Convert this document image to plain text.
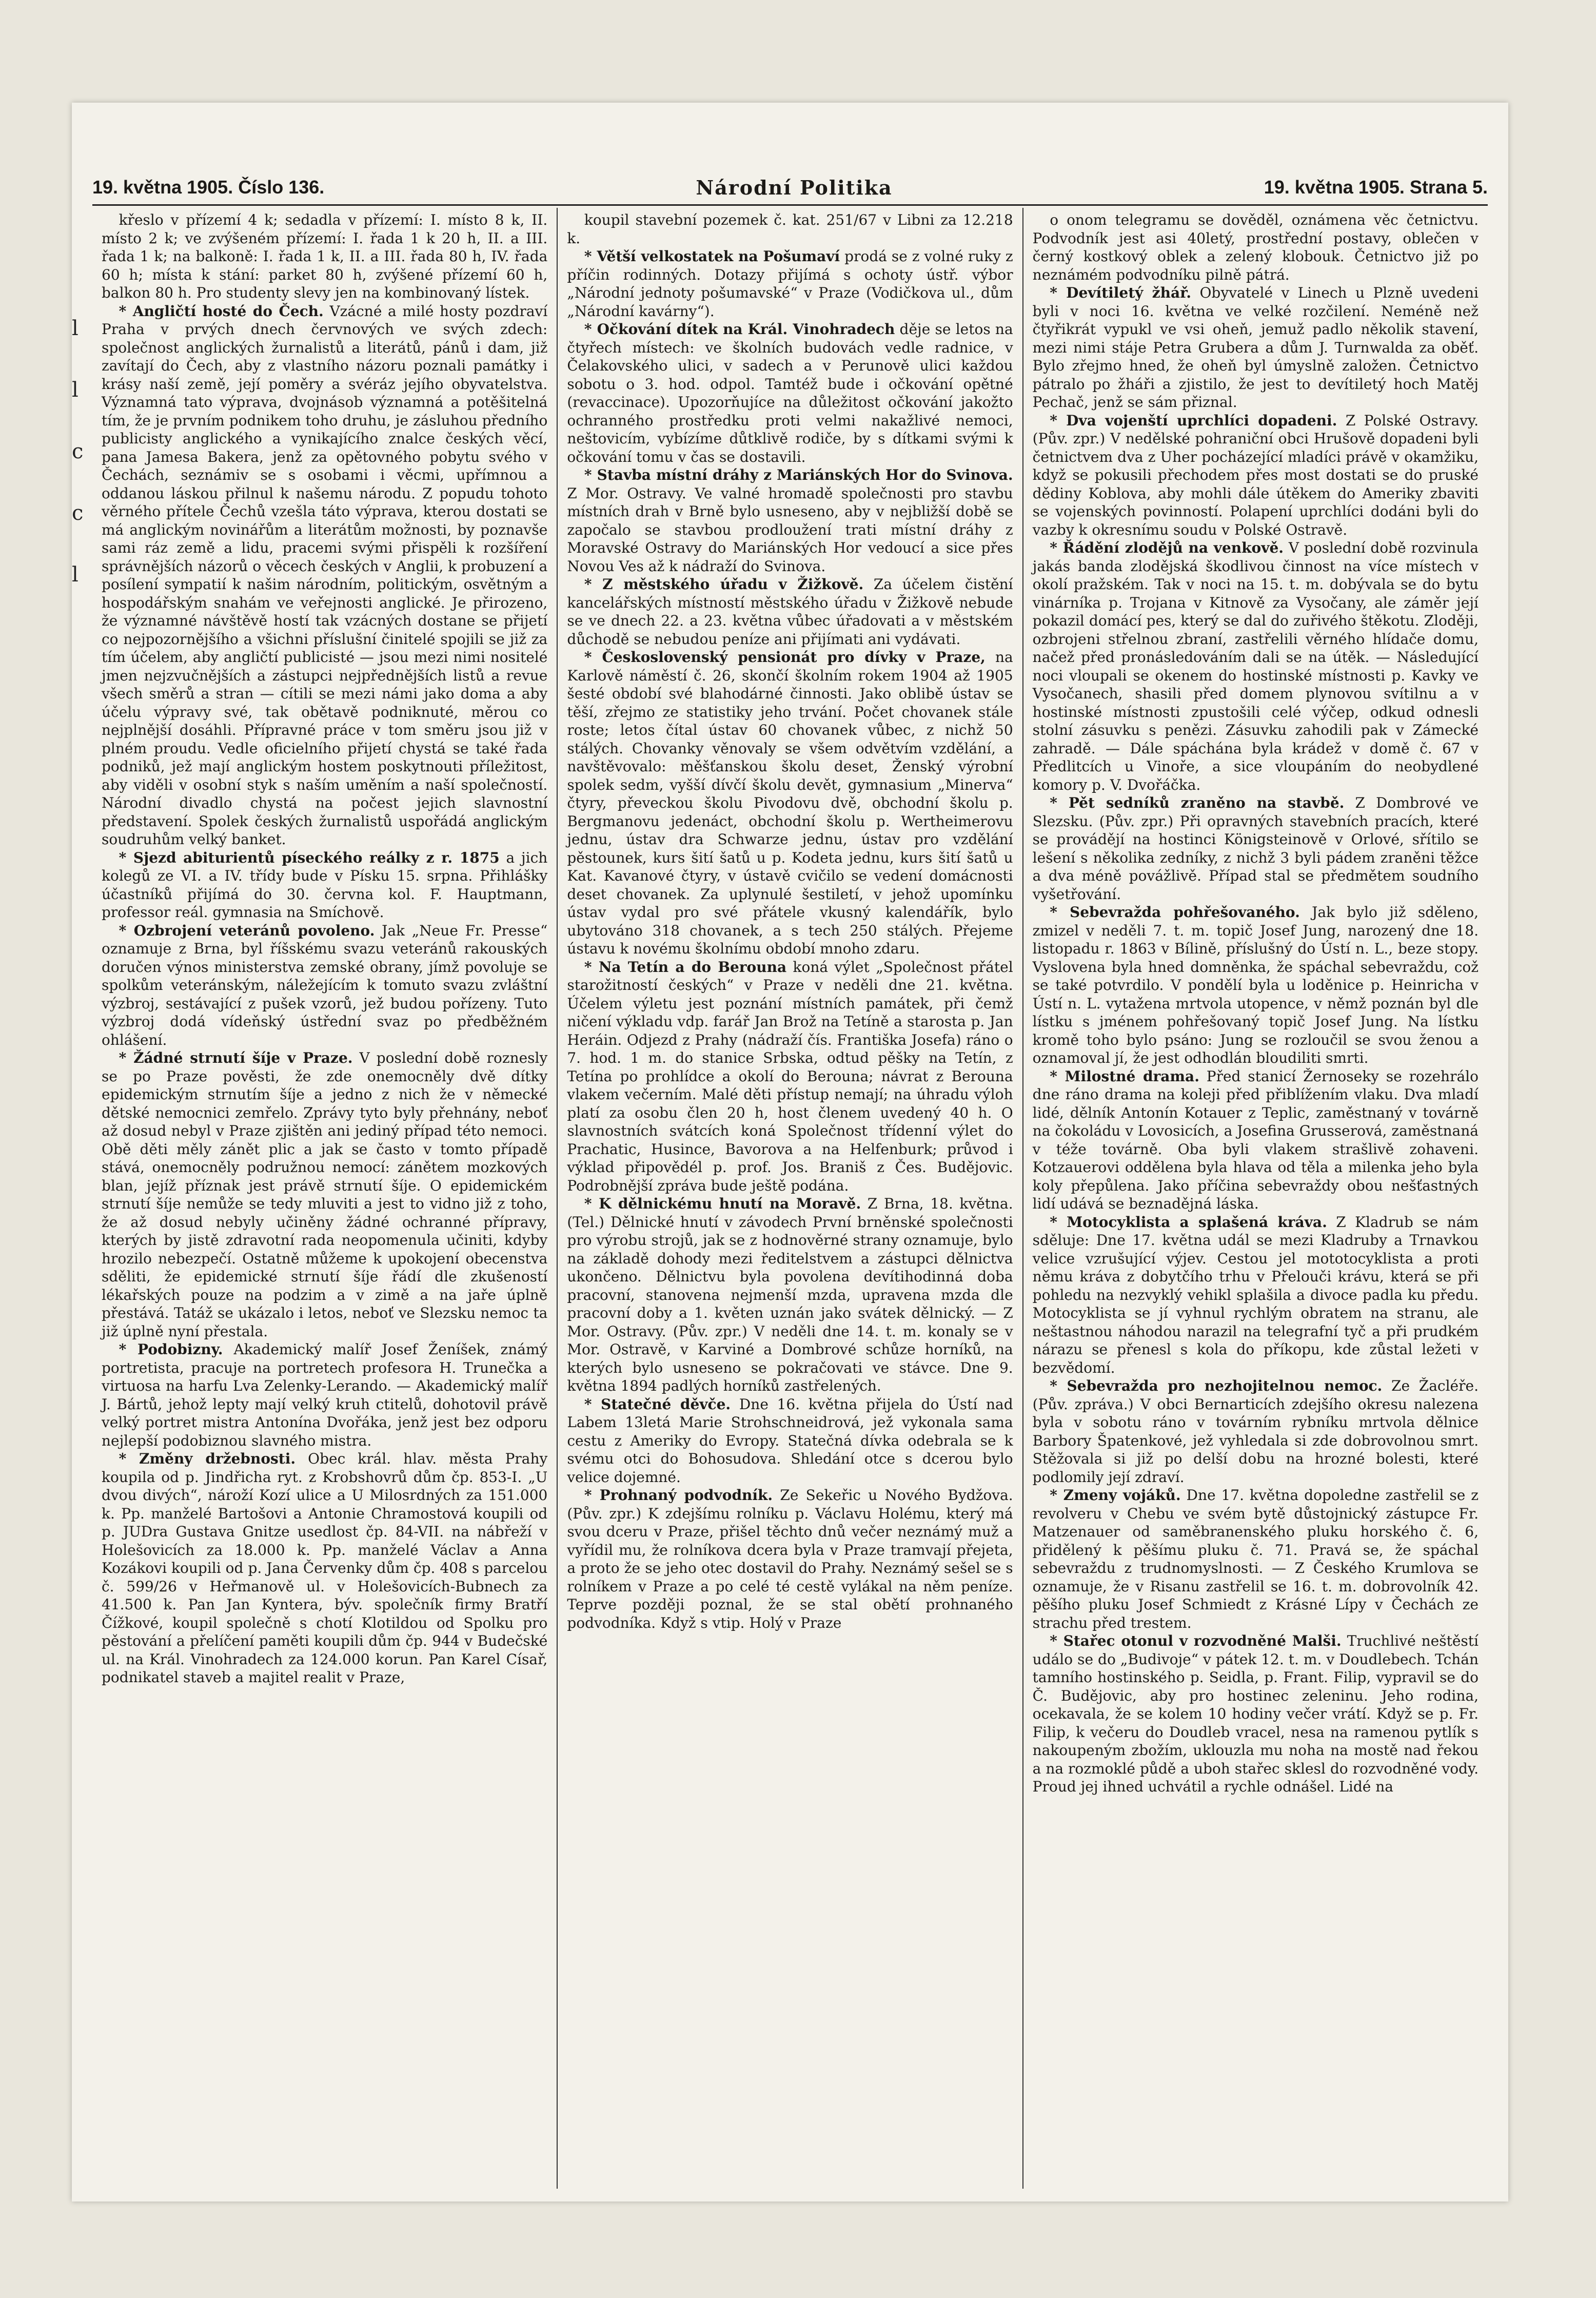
l
l
c
c
l
19. května 1905. Číslo 136.	Národní Politika	19. května 1905. Strana 5.

křeslo v přízemí 4 k; sedadla v přízemí: I. místo 8 k, II. místo 2 k; ve zvýšeném přízemí: I. řada 1 k 20 h, II. a III. řada 1 k; na balkoně: I. řada 1 k, II. a III. řada 80 h, IV. řada 60 h; místa k stání: parket 80 h, zvýšené přízemí 60 h, balkon 80 h. Pro studenty slevy jen na kombinovaný lístek.

* Angličtí hosté do Čech. Vzácné a milé hosty pozdraví Praha v prvých dnech červnových ve svých zdech: společnost anglických žurnalistů a literátů, pánů i dam, již zavítají do Čech, aby z vlastního názoru poznali památky i krásy naší země, její poměry a svéráz jejího obyvatelstva. Významná tato výprava, dvojnásob významná a potěšitelná tím, že je prvním podnikem toho druhu, je zásluhou předního publicisty anglického a vynikajícího znalce českých věcí, pana Jamesa Bakera, jenž za opětovného pobytu svého v Čechách, seznámiv se s osobami i věcmi, upřímnou a oddanou láskou přilnul k našemu národu. Z popudu tohoto věrného přítele Čechů vzešla táto výprava, kterou dostati se má anglickým novinářům a literátům možnosti, by poznavše sami ráz země a lidu, pracemi svými přispěli k rozšíření správnějších názorů o věcech českých v Anglii, k probuzení a posílení sympatií k našim národním, politickým, osvětným a hospodářským snahám ve veřejnosti anglické. Je přirozeno, že významné návštěvě hostí tak vzácných dostane se přijetí co nejpozornějšího a všichni příslušní činitelé spojili se již za tím účelem, aby angličtí publicisté — jsou mezi nimi nositelé jmen nejzvučnějších a zástupci nejpřednějších listů a revue všech směrů a stran — cítili se mezi námi jako doma a aby účelu výpravy své, tak obětavě podniknuté, měrou co nejplnější dosáhli. Přípravné práce v tom směru jsou již v plném proudu. Vedle oficielního přijetí chystá se také řada podniků, jež mají anglickým hostem poskytnouti příležitost, aby viděli v osobní styk s naším uměním a naší společností. Národní divadlo chystá na počest jejich slavnostní představení. Spolek českých žurnalistů uspořádá anglickým soudruhům velký banket.

* Sjezd abiturientů píseckého reálky z r. 1875 a jich kolegů ze VI. a IV. třídy bude v Písku 15. srpna. Přihlášky účastníků přijímá do 30. června kol. F. Hauptmann, professor reál. gymnasia na Smíchově.

* Ozbrojení veteránů povoleno. Jak „Neue Fr. Presse“ oznamuje z Brna, byl říšskému svazu veteránů rakouských doručen výnos ministerstva zemské obrany, jímž povoluje se spolkům veteránským, náležejícím k tomuto svazu zvláštní výzbroj, sestávající z pušek vzorů, jež budou pořízeny. Tuto výzbroj dodá vídeňský ústřední svaz po předběžném ohlášení.

* Žádné strnutí šíje v Praze. V poslední době roznesly se po Praze pověsti, že zde onemocněly dvě dítky epidemickým strnutím šíje a jedno z nich že v německé dětské nemocnici zemřelo. Zprávy tyto byly přehnány, neboť až dosud nebyl v Praze zjištěn ani jediný případ této nemoci. Obě děti měly zánět plic a jak se často v tomto případě stává, onemocněly podružnou nemocí: zánětem mozkových blan, jejíž příznak jest právě strnutí šíje. O epidemickém strnutí šíje nemůže se tedy mluviti a jest to vidno již z toho, že až dosud nebyly učiněny žádné ochranné přípravy, kterých by jistě zdravotní rada neopomenula učiniti, kdyby hrozilo nebezpečí. Ostatně můžeme k upokojení obecenstva sděliti, že epidemické strnutí šíje řádí dle zkušeností lékařských pouze na podzim a v zimě a na jaře úplně přestává. Tatáž se ukázalo i letos, neboť ve Slezsku nemoc ta již úplně nyní přestala.

* Podobizny. Akademický malíř Josef Ženíšek, známý portretista, pracuje na portretech profesora H. Trunečka a virtuosa na harfu Lva Zelenky-Lerando. — Akademický malíř J. Bártů, jehož lepty mají velký kruh ctitelů, dohotovil právě velký portret mistra Antonína Dvořáka, jenž jest bez odporu nejlepší podobiznou slavného mistra.

* Změny držebnosti. Obec král. hlav. města Prahy koupila od p. Jindřicha ryt. z Krobshovrů dům čp. 853-I. „U dvou divých“, nároží Kozí ulice a U Milosrdných za 151.000 k. Pp. manželé Bartošovi a Antonie Chramostová koupili od p. JUDra Gustava Gnitze usedlost čp. 84-VII. na nábřeží v Holešovicích za 18.000 k. Pp. manželé Václav a Anna Kozákovi koupili od p. Jana Červenky dům čp. 408 s parcelou č. 599/26 v Heřmanově ul. v Holešovicích-Bubnech za 41.500 k. Pan Jan Kyntera, býv. společník firmy Bratří Čížkové, koupil společně s chotí Klotildou od Spolku pro pěstování a přelíčení paměti koupili dům čp. 944 v Budečské ul. na Král. Vinohradech za 124.000 korun. Pan Karel Císař, podnikatel staveb a majitel realit v Praze,

koupil stavební pozemek č. kat. 251/67 v Libni za 12.218 k.

* Větší velkostatek na Pošumaví prodá se z volné ruky z příčin rodinných. Dotazy přijímá s ochoty ústř. výbor „Národní jednoty pošumavské“ v Praze (Vodičkova ul., dům „Národní kavárny“).

* Očkování dítek na Král. Vinohradech děje se letos na čtyřech místech: ve školních budovách vedle radnice, v Čelakovského ulici, v sadech a v Perunově ulici každou sobotu o 3. hod. odpol. Tamtéž bude i očkování opětné (revaccinace). Upozorňujíce na důležitost očkování jakožto ochranného prostředku proti velmi nakažlivé nemoci, neštovicím, vybízíme důtklivě rodiče, by s dítkami svými k očkování tomu v čas se dostavili.

* Stavba místní dráhy z Mariánských Hor do Svinova. Z Mor. Ostravy. Ve valné hromadě společnosti pro stavbu místních drah v Brně bylo usneseno, aby v nejbližší době se započalo se stavbou prodloužení trati místní dráhy z Moravské Ostravy do Mariánských Hor vedoucí a sice přes Novou Ves až k nádraží do Svinova.

* Z městského úřadu v Žižkově. Za účelem čistění kancelářských místností městského úřadu v Žižkově nebude se ve dnech 22. a 23. května vůbec úřadovati a v městském důchodě se nebudou peníze ani přijímati ani vydávati.

* Československý pensionát pro dívky v Praze, na Karlově náměstí č. 26, skončí školním rokem 1904 až 1905 šesté období své blahodárné činnosti. Jako oblibě ústav se těší, zřejmo ze statistiky jeho trvání. Počet chovanek stále roste; letos čítal ústav 60 chovanek vůbec, z nichž 50 stálých. Chovanky věnovaly se všem odvětvím vzdělání, a navštěvovalo: měšťanskou školu deset, Ženský výrobní spolek sedm, vyšší dívčí školu devět, gymnasium „Minerva“ čtyry, převeckou školu Pivodovu dvě, obchodní školu p. Bergmanovu jedenáct, obchodní školu p. Wertheimerovu jednu, ústav dra Schwarze jednu, ústav pro vzdělání pěstounek, kurs šití šatů u p. Kodeta jednu, kurs šití šatů u Kat. Kavanové čtyry, v ústavě cvičilo se vedení domácnosti deset chovanek. Za uplynulé šestiletí, v jehož upomínku ústav vydal pro své přátele vkusný kalendářík, bylo ubytováno 318 chovanek, a s tech 250 stálých. Přejeme ústavu k novému školnímu období mnoho zdaru.

* Na Tetín a do Berouna koná výlet „Společnost přátel starožitností českých“ v Praze v neděli dne 21. května. Účelem výletu jest poznání místních památek, při čemž ničení výkladu vdp. farář Jan Brož na Tetíně a starosta p. Jan Heráin. Odjezd z Prahy (nádraží čís. Františka Josefa) ráno o 7. hod. 1 m. do stanice Srbska, odtud pěšky na Tetín, z Tetína po prohlídce a okolí do Berouna; návrat z Berouna vlakem večerním. Malé děti přístup nemají; na úhradu výloh platí za osobu člen 20 h, host členem uvedený 40 h. O slavnostních svátcích koná Společnost třídenní výlet do Prachatic, Husince, Bavorova a na Helfenburk; průvod i výklad připovědél p. prof. Jos. Braniš z Čes. Budějovic. Podrobnější zpráva bude ještě podána.

* K dělnickému hnutí na Moravě. Z Brna, 18. května. (Tel.) Dělnické hnutí v závodech První brněnské společnosti pro výrobu strojů, jak se z hodnověrné strany oznamuje, bylo na základě dohody mezi ředitelstvem a zástupci dělnictva ukončeno. Dělnictvu byla povolena devítihodinná doba pracovní, stanovena nejmenší mzda, upravena mzda dle pracovní doby a 1. květen uznán jako svátek dělnický. — Z Mor. Ostravy. (Pův. zpr.) V neděli dne 14. t. m. konaly se v Mor. Ostravě, v Karviné a Dombrové schůze horníků, na kterých bylo usneseno se pokračovati ve stávce. Dne 9. května 1894 padlých horníků zastřelených.

* Statečné děvče. Dne 16. května přijela do Ústí nad Labem 13letá Marie Strohschneidrová, jež vykonala sama cestu z Ameriky do Evropy. Statečná dívka odebrala se k svému otci do Bohosudova. Shledání otce s dcerou bylo velice dojemné.

* Prohnaný podvodník. Ze Sekeřic u Nového Bydžova. (Pův. zpr.) K zdejšímu rolníku p. Václavu Holému, který má svou dceru v Praze, přišel těchto dnů večer neznámý muž a vyřídil mu, že rolníkova dcera byla v Praze tramvají přejeta, a proto že se jeho otec dostavil do Prahy. Neznámý sešel se s rolníkem v Praze a po celé té cestě vylákal na něm peníze. Teprve později poznal, že se stal obětí prohnaného podvodníka. Když s vtip. Holý v Praze

o onom telegramu se dověděl, oznámena věc četnictvu. Podvodník jest asi 40letý, prostřední postavy, oblečen v černý kostkový oblek a zelený klobouk. Četnictvo již po neznámém podvodníku pilně pátrá.

* Devítiletý žhář. Obyvatelé v Linech u Plzně uvedeni byli v noci 16. května ve velké rozčilení. Neméně než čtyřikrát vypukl ve vsi oheň, jemuž padlo několik stavení, mezi nimi stáje Petra Grubera a dům J. Turnwalda za oběť. Bylo zřejmo hned, že oheň byl úmyslně založen. Četnictvo pátralo po žháři a zjistilo, že jest to devítiletý hoch Matěj Pechač, jenž se sám přiznal.

* Dva vojenští uprchlíci dopadeni. Z Polské Ostravy. (Pův. zpr.) V nedělské pohraniční obci Hrušově dopadeni byli četnictvem dva z Uher pocházející mladíci právě v okamžiku, když se pokusili přechodem přes most dostati se do pruské dědiny Koblova, aby mohli dále útěkem do Ameriky zbaviti se vojenských povinností. Polapení uprchlíci dodáni byli do vazby k okresnímu soudu v Polské Ostravě.

* Řádění zlodějů na venkově. V poslední době rozvinula jakás banda zlodějská škodlivou činnost na více místech v okolí pražském. Tak v noci na 15. t. m. dobývala se do bytu vinárníka p. Trojana v Kitnově za Vysočany, ale záměr její pokazil domácí pes, který se dal do zuřivého štěkotu. Zloději, ozbrojeni střelnou zbraní, zastřelili věrného hlídače domu, načež před pronásledováním dali se na útěk. — Následující noci vloupali se okenem do hostinské místnosti p. Kavky ve Vysočanech, shasili před domem plynovou svítilnu a v hostinské místnosti zpustošili celé výčep, odkud odnesli stolní zásuvku s penězi. Zásuvku zahodili pak v Zámecké zahradě. — Dále spáchána byla krádež v domě č. 67 v Předlitcích u Vinoře, a sice vloupáním do neobydlené komory p. V. Dvořáčka.

* Pět sedníků zraněno na stavbě. Z Dombrové ve Slezsku. (Pův. zpr.) Při opravných stavebních pracích, které se provádějí na hostinci Königsteinově v Orlové, sřítilo se lešení s několika zedníky, z nichž 3 byli pádem zraněni těžce a dva méně povážlivě. Případ stal se předmětem soudního vyšetřování.

* Sebevražda pohřešovaného. Jak bylo již sděleno, zmizel v neděli 7. t. m. topič Josef Jung, narozený dne 18. listopadu r. 1863 v Bílině, příslušný do Ústí n. L., beze stopy. Vyslovena byla hned domněnka, že spáchal sebevraždu, což se také potvrdilo. V pondělí byla u loděnice p. Heinricha v Ústí n. L. vytažena mrtvola utopence, v němž poznán byl dle lístku s jménem pohřešovaný topič Josef Jung. Na lístku kromě toho bylo psáno: Jung se rozloučil se svou ženou a oznamoval jí, že jest odhodlán bloudiliti smrti.

* Milostné drama. Před stanicí Žernoseky se rozehrálo dne ráno drama na koleji před přiblížením vlaku. Dva mladí lidé, dělník Antonín Kotauer z Teplic, zaměstnaný v továrně na čokoládu v Lovosicích, a Josefina Grusserová, zaměstnaná v téže továrně. Oba byli vlakem strašlivě zohaveni. Kotzauerovi oddělena byla hlava od těla a milenka jeho byla koly přepůlena. Jako příčina sebevraždy obou nešťastných lidí udává se beznadějná láska.

* Motocyklista a splašená kráva. Z Kladrub se nám sděluje: Dne 17. května udál se mezi Kladruby a Trnavkou velice vzrušující výjev. Cestou jel mototocyklista a proti němu kráva z dobytčího trhu v Přelouči krávu, která se při pohledu na nezvyklý vehikl splašila a divoce padla ku předu. Motocyklista se jí vyhnul rychlým obratem na stranu, ale neštastnou náhodou narazil na telegrafní tyč a při prudkém nárazu se přenesl s kola do příkopu, kde zůstal ležeti v bezvědomí.

* Sebevražda pro nezhojitelnou nemoc. Ze Žacléře. (Pův. zpráva.) V obci Bernarticích zdejšího okresu nalezena byla v sobotu ráno v továrním rybníku mrtvola dělnice Barbory Špatenkové, jež vyhledala si zde dobrovolnou smrt. Stěžovala si již po delší dobu na hrozné bolesti, které podlomily její zdraví.

* Zmeny vojáků. Dne 17. května dopoledne zastřelil se z revolveru v Chebu ve svém bytě důstojnický zástupce Fr. Matzenauer od saměbranenského pluku horského č. 6, přidělený k pěšímu pluku č. 71. Pravá se, že spáchal sebevraždu z trudnomyslnosti. — Z Českého Krumlova se oznamuje, že v Risanu zastřelil se 16. t. m. dobrovolník 42. pěšího pluku Josef Schmiedt z Krásné Lípy v Čechách ze strachu před trestem.

* Stařec otonul v rozvodněné Malši. Truchlivé neštěstí událo se do „Budivoje“ v pátek 12. t. m. v Doudlebech. Tchán tamního hostinského p. Seidla, p. Frant. Filip, vypravil se do Č. Budějovic, aby pro hostinec zeleninu. Jeho rodina, ocekavala, že se kolem 10 hodiny večer vrátí. Když se p. Fr. Filip, k večeru do Doudleb vracel, nesa na ramenou pytlík s nakoupeným zbožím, uklouzla mu noha na mostě nad řekou a na rozmoklé půdě a uboh stařec sklesl do rozvodněné vody. Proud jej ihned uchvátil a rychle odnášel. Lidé na
